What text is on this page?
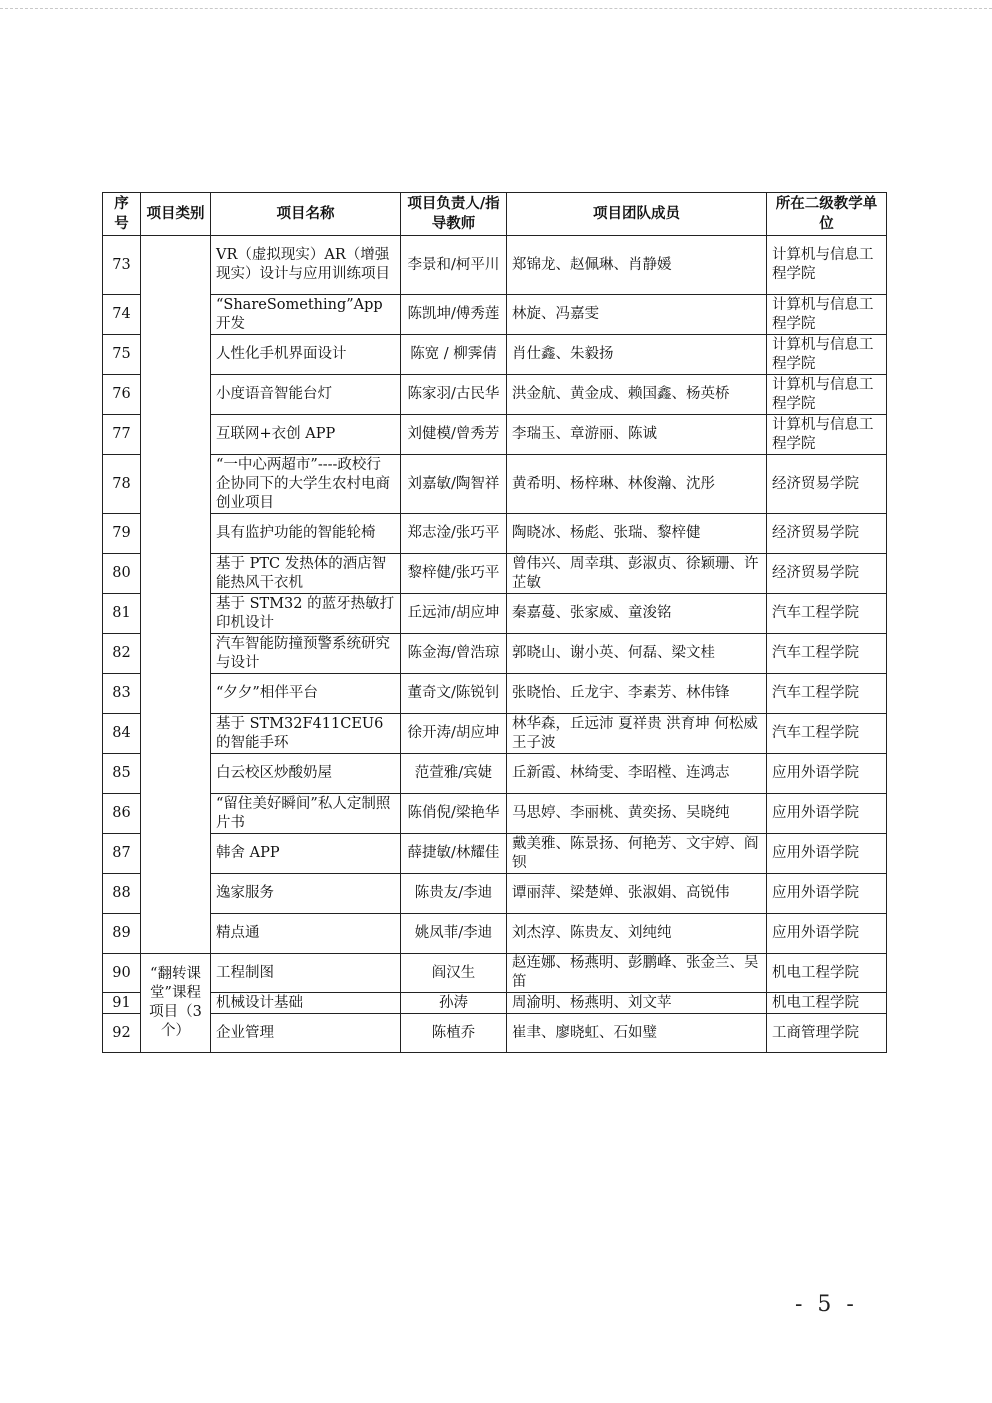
序号	项目类别	项目名称	项目负责人/指导教师	项目团队成员	所在二级教学单位
73		VR（虚拟现实）AR（增强现实）设计与应用训练项目	李景和/柯平川	郑锦龙、赵佩琳、肖静媛	计算机与信息工程学院
74		“ShareSomething”App开发	陈凯坤/傅秀莲	林旋、冯嘉雯	计算机与信息工程学院
75		人性化手机界面设计	陈宽 / 柳霁倩	肖仕鑫、朱毅扬	计算机与信息工程学院
76		小度语音智能台灯	陈家羽/古民华	洪金航、黄金成、赖国鑫、杨英桥	计算机与信息工程学院
77		互联网+衣创 APP	刘健模/曾秀芳	李瑞玉、章游丽、陈诚	计算机与信息工程学院
78		“一中心两超市”----政校行企协同下的大学生农村电商创业项目	刘嘉敏/陶智祥	黄希明、杨梓琳、林俊瀚、沈彤	经济贸易学院
79		具有监护功能的智能轮椅	郑志淦/张巧平	陶晓冰、杨彪、张瑞、黎梓健	经济贸易学院
80		基于 PTC 发热体的酒店智能热风干衣机	黎梓健/张巧平	曾伟兴、周幸琪、彭淑贞、徐颖珊、许芷敏	经济贸易学院
81		基于 STM32 的蓝牙热敏打印机设计	丘远沛/胡应坤	秦嘉蔓、张家威、童浚铭	汽车工程学院
82		汽车智能防撞预警系统研究与设计	陈金海/曾浩琼	郭晓山、谢小英、何磊、梁文桂	汽车工程学院
83		“夕夕”相伴平台	董奇文/陈锐钊	张晓怡、丘龙宇、李素芳、林伟锋	汽车工程学院
84		基于 STM32F411CEU6 的智能手环	徐开涛/胡应坤	林华森，丘远沛 夏祥贵 洪育坤 何松威 王子波	汽车工程学院
85		白云校区炒酸奶屋	范萱雅/宾婕	丘新霞、林绮雯、李昭樘、连鸿志	应用外语学院
86		“留住美好瞬间”私人定制照片书	陈俏倪/梁艳华	马思婷、李丽桃、黄奕扬、吴晓纯	应用外语学院
87		韩舍 APP	薛捷敏/林耀佳	戴美雅、陈景扬、何艳芳、文宇婷、阎钡	应用外语学院
88		逸家服务	陈贵友/李迪	谭丽萍、梁楚婵、张淑娟、高锐伟	应用外语学院
89		精点通	姚凤菲/李迪	刘杰淳、陈贵友、刘纯纯	应用外语学院
90	“翻转课堂”课程项目（3个）	工程制图	阎汉生	赵连娜、杨燕明、彭鹏峰、张金兰、吴笛	机电工程学院
91		机械设计基础	孙涛	周渝明、杨燕明、刘文苹	机电工程学院
92		企业管理	陈植乔	崔聿、廖晓虹、石如璧	工商管理学院
- 5 -
